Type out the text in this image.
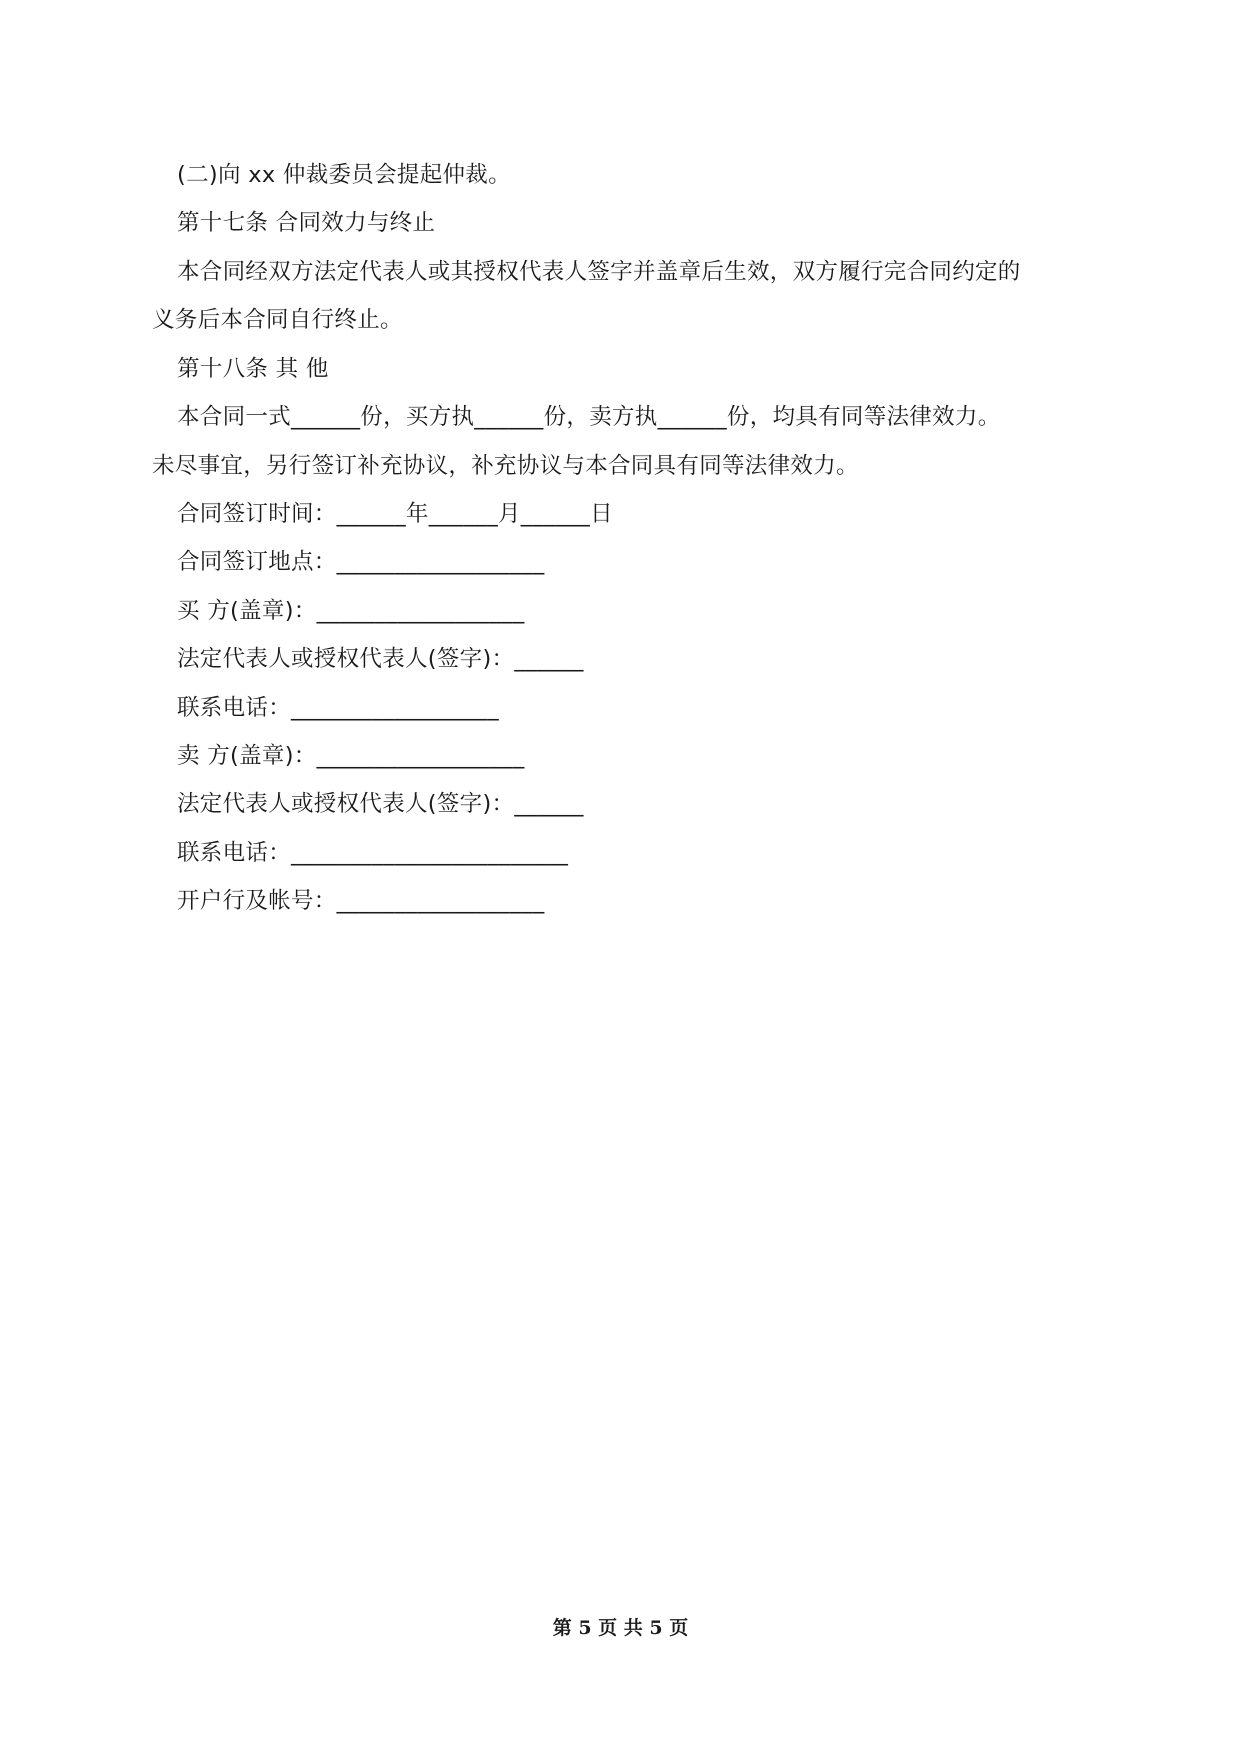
(二)向 xx 仲裁委员会提起仲裁。
第十七条 合同效力与终止
本合同经双方法定代表人或其授权代表人签字并盖章后生效，双方履行完合同约定的
义务后本合同自行终止。
第十八条 其 他
本合同一式______份，买方执______份，卖方执______份，均具有同等法律效力。
未尽事宜，另行签订补充协议，补充协议与本合同具有同等法律效力。
合同签订时间：______年______月______日
合同签订地点：__________________
买 方(盖章)：__________________
法定代表人或授权代表人(签字)：______
联系电话：__________________
卖 方(盖章)：__________________
法定代表人或授权代表人(签字)：______
联系电话：________________________
开户行及帐号：__________________
第 5 页 共 5 页
